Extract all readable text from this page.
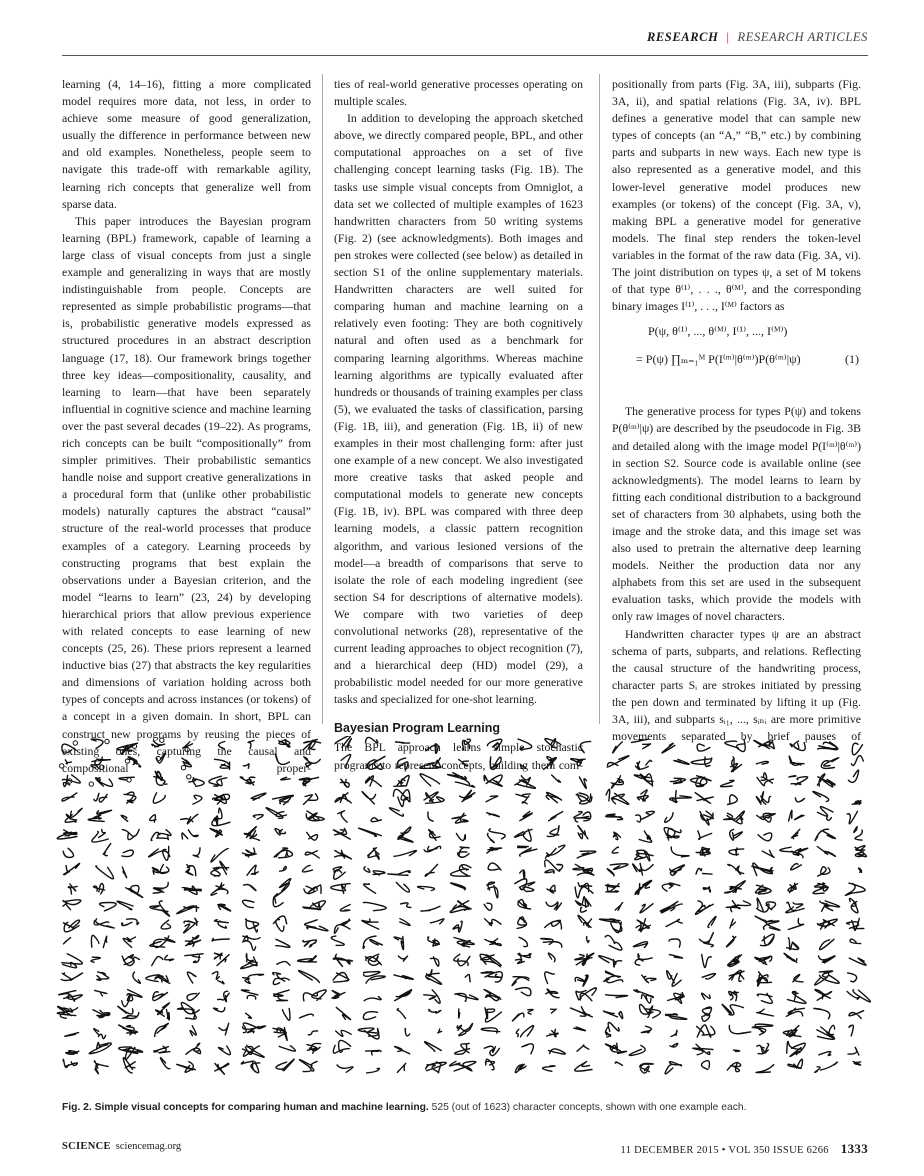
RESEARCH | RESEARCH ARTICLES

learning (4, 14–16), fitting a more complicated model requires more data, not less, in order to achieve some measure of good generalization, usually the difference in performance between new and old examples. Nonetheless, people seem to navigate this trade-off with remarkable agility, learning rich concepts that generalize well from sparse data.

This paper introduces the Bayesian program learning (BPL) framework, capable of learning a large class of visual concepts from just a single example and generalizing in ways that are mostly indistinguishable from people. Concepts are represented as simple probabilistic programs—that is, probabilistic generative models expressed as structured procedures in an abstract description language (17, 18). Our framework brings together three key ideas—compositionality, causality, and learning to learn—that have been separately influential in cognitive science and machine learning over the past several decades (19–22). As programs, rich concepts can be built “compositionally” from simpler primitives. Their probabilistic semantics handle noise and support creative generalizations in a procedural form that (unlike other probabilistic models) naturally captures the abstract “causal” structure of the real-world processes that produce examples of a category. Learning proceeds by constructing programs that best explain the observations under a Bayesian criterion, and the model “learns to learn” (23, 24) by developing hierarchical priors that allow previous experience with related concepts to ease learning of new concepts (25, 26). These priors represent a learned inductive bias (27) that abstracts the key regularities and dimensions of variation holding across both types of concepts and across instances (or tokens) of a concept in a given domain. In short, BPL can construct new programs by reusing the pieces of existing ones, capturing the causal and compositional proper-

ties of real-world generative processes operating on multiple scales.

In addition to developing the approach sketched above, we directly compared people, BPL, and other computational approaches on a set of five challenging concept learning tasks (Fig. 1B). The tasks use simple visual concepts from Omniglot, a data set we collected of multiple examples of 1623 handwritten characters from 50 writing systems (Fig. 2) (see acknowledgments). Both images and pen strokes were collected (see below) as detailed in section S1 of the online supplementary materials. Handwritten characters are well suited for comparing human and machine learning on a relatively even footing: They are both cognitively natural and often used as a benchmark for comparing learning algorithms. Whereas machine learning algorithms are typically evaluated after hundreds or thousands of training examples per class (5), we evaluated the tasks of classification, parsing (Fig. 1B, iii), and generation (Fig. 1B, ii) of new examples in their most challenging form: after just one example of a new concept. We also investigated more creative tasks that asked people and computational models to generate new concepts (Fig. 1B, iv). BPL was compared with three deep learning models, a classic pattern recognition algorithm, and various lesioned versions of the model—a breadth of comparisons that serve to isolate the role of each modeling ingredient (see section S4 for descriptions of alternative models). We compare with two varieties of deep convolutional networks (28), representative of the current leading approaches to object recognition (7), and a hierarchical deep (HD) model (29), a probabilistic model needed for our more generative tasks and specialized for one-shot learning.

Bayesian Program Learning

The BPL approach learns simple stochastic programs to represent concepts, building them com-

positionally from parts (Fig. 3A, iii), subparts (Fig. 3A, ii), and spatial relations (Fig. 3A, iv). BPL defines a generative model that can sample new types of concepts (an “A,” “B,” etc.) by combining parts and subparts in new ways. Each new type is also represented as a generative model, and this lower-level generative model produces new examples (or tokens) of the concept (Fig. 3A, v), making BPL a generative model for generative models. The final step renders the token-level variables in the format of the raw data (Fig. 3A, vi). The joint distribution on types ψ, a set of M tokens of that type θ⁽¹⁾, . . ., θ⁽ᴹ⁾, and the corresponding binary images I⁽¹⁾, . . ., I⁽ᴹ⁾ factors as

P(ψ, θ⁽¹⁾, ..., θ⁽ᴹ⁾, I⁽¹⁾, ..., I⁽ᴹ⁾)
= P(ψ) ∏ₘ₌₁ᴹ P(I⁽ᵐ⁾|θ⁽ᵐ⁾)P(θ⁽ᵐ⁾|ψ)	(1)

The generative process for types P(ψ) and tokens P(θ⁽ᵐ⁾|ψ) are described by the pseudocode in Fig. 3B and detailed along with the image model P(I⁽ᵐ⁾|θ⁽ᵐ⁾) in section S2. Source code is available online (see acknowledgments). The model learns to learn by fitting each conditional distribution to a background set of characters from 30 alphabets, using both the image and the stroke data, and this image set was also used to pretrain the alternative deep learning models. Neither the production data nor any alphabets from this set are used in the subsequent evaluation tasks, which provide the models with only raw images of novel characters.

Handwritten character types ψ are an abstract schema of parts, subparts, and relations. Reflecting the causal structure of the handwriting process, character parts Sᵢ are strokes initiated by pressing the pen down and terminated by lifting it up (Fig. 3A, iii), and subparts sᵢ₁, ..., sᵢₙᵢ are more primitive movements separated by brief pauses of

Fig. 2. Simple visual concepts for comparing human and machine learning. 525 (out of 1623) character concepts, shown with one example each.
SCIENCE sciencemag.org	11 DECEMBER 2015 • VOL 350 ISSUE 6266 1333
